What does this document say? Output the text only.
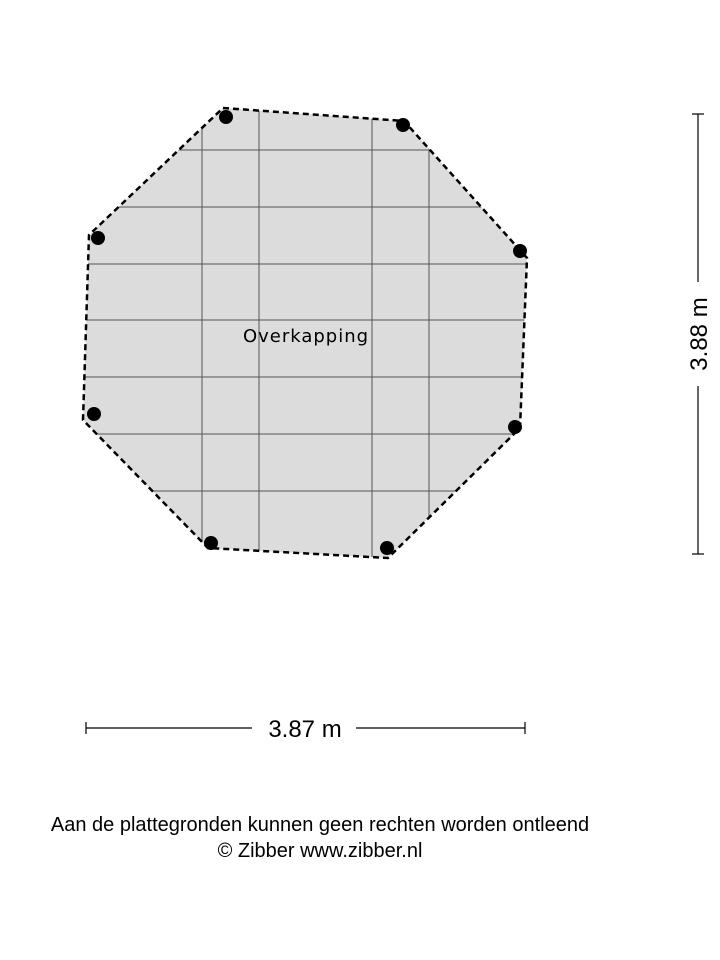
Overkapping
3.87 m
3.88 m
Aan de plattegronden kunnen geen rechten worden ontleend
© Zibber www.zibber.nl
